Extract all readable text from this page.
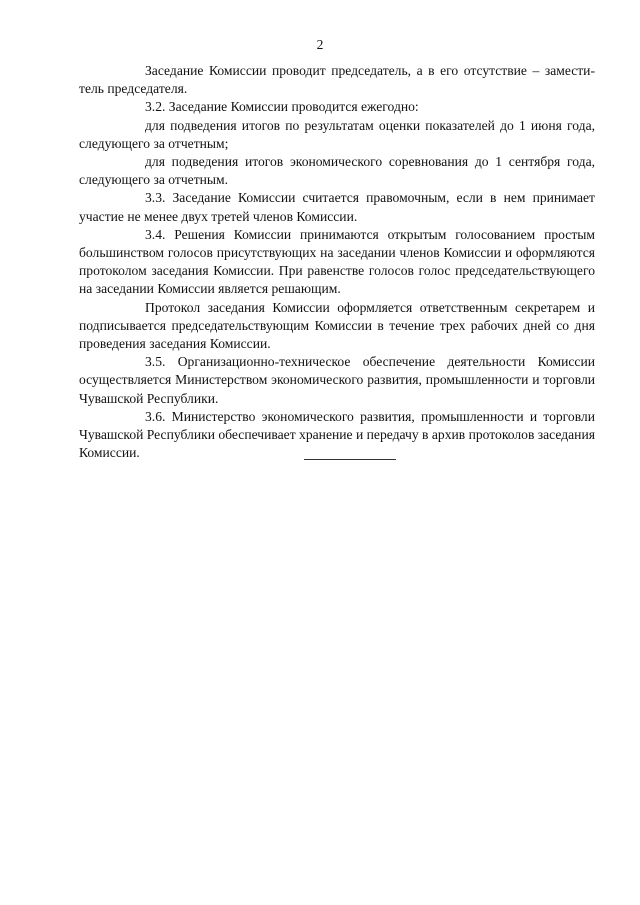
2

Заседание Комиссии проводит председатель, а в его отсутствие – заместитель председателя.

3.2. Заседание Комиссии проводится ежегодно:

для подведения итогов по результатам оценки показателей до 1 июня года, следующего за отчетным;

для подведения итогов экономического соревнования до 1 сентября года, следующего за отчетным.

3.3. Заседание Комиссии считается правомочным, если в нем принимает участие не менее двух третей членов Комиссии.

3.4. Решения Комиссии принимаются открытым голосованием простым большинством голосов присутствующих на заседании членов Комиссии и оформляются протоколом заседания Комиссии. При равенстве голосов голос председательствующего на заседании Комиссии является решающим.

Протокол заседания Комиссии оформляется ответственным секретарем и подписывается председательствующим Комиссии в течение трех рабочих дней со дня проведения заседания Комиссии.

3.5. Организационно-техническое обеспечение деятельности Комиссии осуществляется Министерством экономического развития, промышленности и торговли Чувашской Республики.

3.6. Министерство экономического развития, промышленности и торговли Чувашской Республики обеспечивает хранение и передачу в архив протоколов заседания Комиссии.
